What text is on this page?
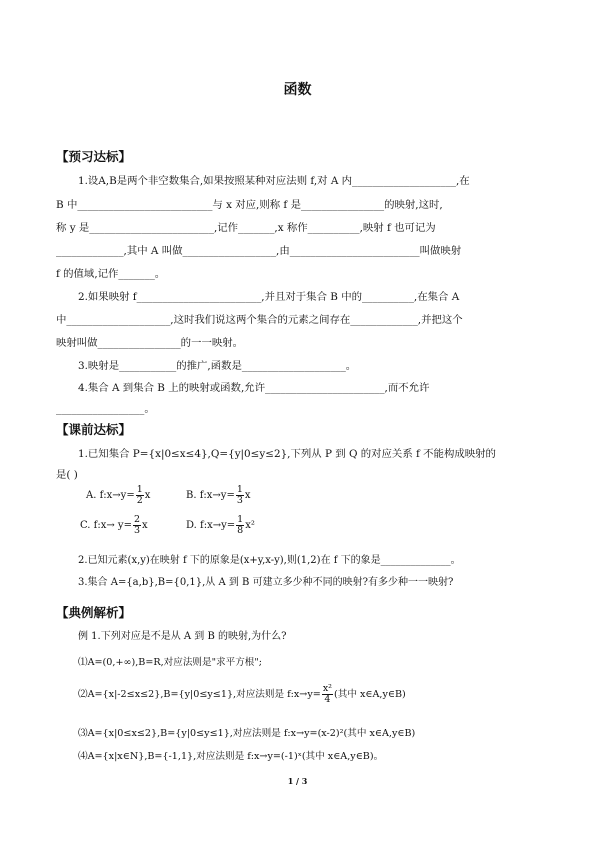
函数
【预习达标】
1.设A,B是两个非空数集合,如果按照某种对应法则 f,对 A 内____________________,在
B 中__________________________与 x 对应,则称 f 是________________的映射,这时,
称 y 是________________________,记作_______,x 称作__________,映射 f 也可记为
_____________,其中 A 叫做__________________,由_________________________叫做映射
f 的值域,记作_______。
2.如果映射 f________________________,并且对于集合 B 中的__________,在集合 A
中____________________,这时我们说这两个集合的元素之间存在_____________,并把这个
映射叫做________________的一一映射。
3.映射是___________的推广,函数是____________________。
4.集合 A 到集合 B 上的映射或函数,允许_______________________,而不允许
_________________。
【课前达标】
1.已知集合 P={x|0≤x≤4},Q={y|0≤y≤2},下列从 P 到 Q 的对应关系 f 不能构成映射的
是( )
A. f:x→y= $\frac{1}{2}$ x	B. f:x→y= $\frac{1}{3}$ x
C. f:x→ $y= \frac{2}{3}$ x	D. f:x→y= $\frac{1}{8} x^2$
2.已知元素(x,y)在映射 f 下的原象是(x+y,x-y),则(1,2)在 f 下的象是______________。
3.集合 A={a,b},B={0,1},从 A 到 B 可建立多少种不同的映射?有多少种一一映射?
【典例解析】
例 1.下列对应是不是从 A 到 B 的映射,为什么?
⑴A=(0,+∞),B=R,对应法则是"求平方根";
⑵A={x|-2≤x≤2},B={y|0≤y≤1},对应法则是 f:x→y= $\frac{\text{x²}}{4}$ (其中 x∈A,y∈B)
⑶A={x|0≤x≤2},B={y|0≤y≤1},对应法则是 f:x→y=(x-2)²(其中 x∈A,y∈B)
⑷A={x|x∈N},B={-1,1},对应法则是 f:x→y=(-1)ˣ(其中 x∈A,y∈B)。
1 / 3
